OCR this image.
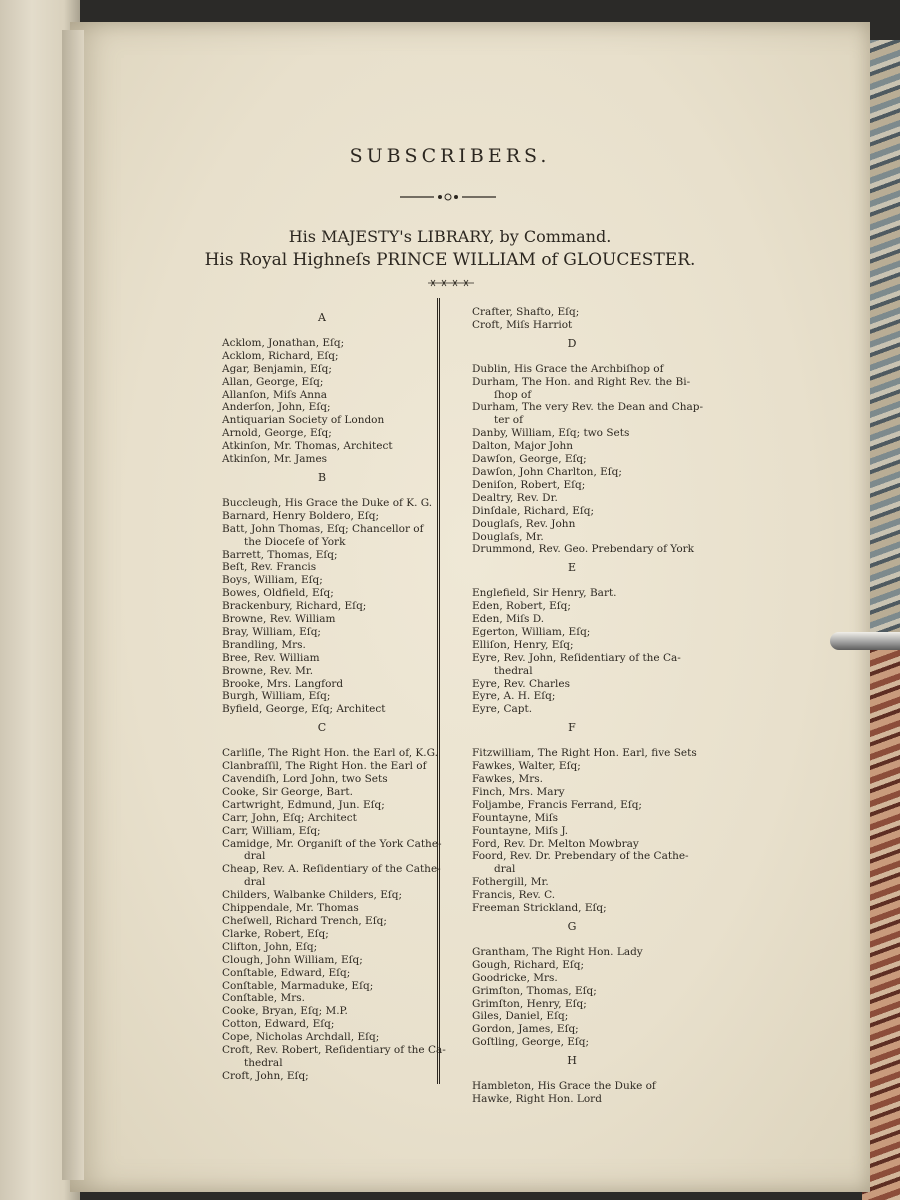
SUBSCRIBERS.
His MAJESTY's LIBRARY, by Command.
His Royal Highneſs PRINCE WILLIAM of GLOUCESTER.
A
Acklom, Jonathan, Eſq;
Acklom, Richard, Eſq;
Agar, Benjamin, Eſq;
Allan, George, Eſq;
Allanſon, Miſs Anna
Anderſon, John, Eſq;
Antiquarian Society of London
Arnold, George, Eſq;
Atkinſon, Mr. Thomas, Architect
Atkinſon, Mr. James
B
Buccleugh, His Grace the Duke of K. G.
Barnard, Henry Boldero, Eſq;
Batt, John Thomas, Eſq; Chancellor of
the Dioceſe of York
Barrett, Thomas, Eſq;
Beſt, Rev. Francis
Boys, William, Eſq;
Bowes, Oldfield, Eſq;
Brackenbury, Richard, Eſq;
Browne, Rev. William
Bray, William, Eſq;
Brandling, Mrs.
Bree, Rev. William
Browne, Rev. Mr.
Brooke, Mrs. Langford
Burgh, William, Eſq;
Byfield, George, Eſq; Architect
C
Carliſle, The Right Hon. the Earl of, K.G.
Clanbraſſil, The Right Hon. the Earl of
Cavendiſh, Lord John, two Sets
Cooke, Sir George, Bart.
Cartwright, Edmund, Jun. Eſq;
Carr, John, Eſq; Architect
Carr, William, Eſq;
Camidge, Mr. Organiſt of the York Cathe-
dral
Cheap, Rev. A. Reſidentiary of the Cathe-
dral
Childers, Walbanke Childers, Eſq;
Chippendale, Mr. Thomas
Cheſwell, Richard Trench, Eſq;
Clarke, Robert, Eſq;
Clifton, John, Eſq;
Clough, John William, Eſq;
Conſtable, Edward, Eſq;
Conſtable, Marmaduke, Eſq;
Conſtable, Mrs.
Cooke, Bryan, Eſq; M.P.
Cotton, Edward, Eſq;
Cope, Nicholas Archdall, Eſq;
Croft, Rev. Robert, Reſidentiary of the Ca-
thedral
Croft, John, Eſq;
Crafter, Shafto, Eſq;
Croft, Miſs Harriot
D
Dublin, His Grace the Archbiſhop of
Durham, The Hon. and Right Rev. the Bi-
ſhop of
Durham, The very Rev. the Dean and Chap-
ter of
Danby, William, Eſq; two Sets
Dalton, Major John
Dawſon, George, Eſq;
Dawſon, John Charlton, Eſq;
Deniſon, Robert, Eſq;
Dealtry, Rev. Dr.
Dinſdale, Richard, Eſq;
Douglaſs, Rev. John
Douglaſs, Mr.
Drummond, Rev. Geo. Prebendary of York
E
Englefield, Sir Henry, Bart.
Eden, Robert, Eſq;
Eden, Miſs D.
Egerton, William, Eſq;
Elliſon, Henry, Eſq;
Eyre, Rev. John, Reſidentiary of the Ca-
thedral
Eyre, Rev. Charles
Eyre, A. H. Eſq;
Eyre, Capt.
F
Fitzwilliam, The Right Hon. Earl, five Sets
Fawkes, Walter, Eſq;
Fawkes, Mrs.
Finch, Mrs. Mary
Foljambe, Francis Ferrand, Eſq;
Fountayne, Miſs
Fountayne, Miſs J.
Ford, Rev. Dr. Melton Mowbray
Foord, Rev. Dr. Prebendary of the Cathe-
dral
Fothergill, Mr.
Francis, Rev. C.
Freeman Strickland, Eſq;
G
Grantham, The Right Hon. Lady
Gough, Richard, Eſq;
Goodricke, Mrs.
Grimſton, Thomas, Eſq;
Grimſton, Henry, Eſq;
Giles, Daniel, Eſq;
Gordon, James, Eſq;
Goſtling, George, Eſq;
H
Hambleton, His Grace the Duke of
Hawke, Right Hon. Lord
